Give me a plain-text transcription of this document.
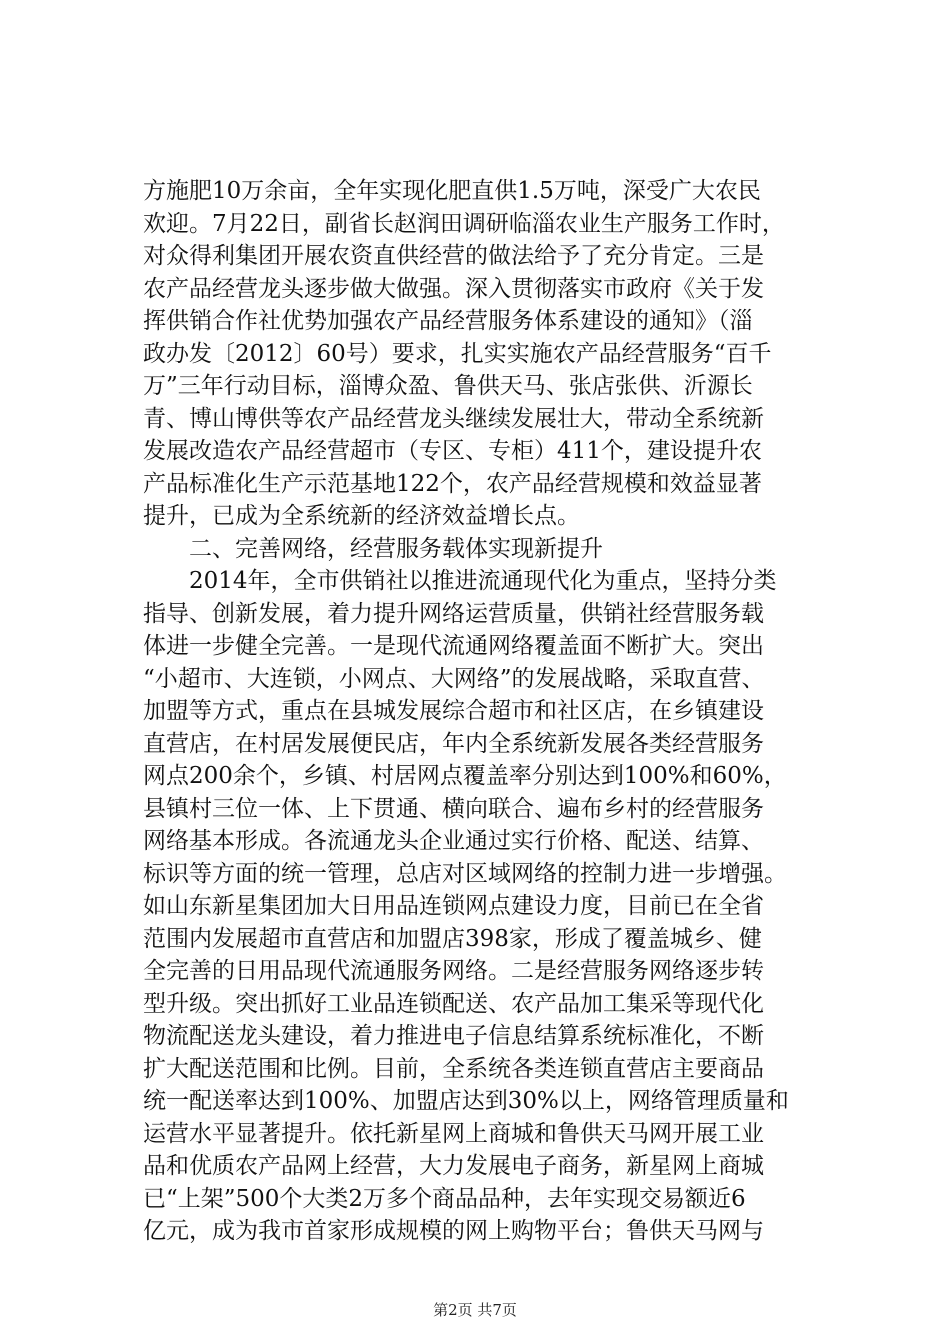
方施肥10万余亩，全年实现化肥直供1.5万吨，深受广大农民
欢迎。7月22日，副省长赵润田调研临淄农业生产服务工作时，
对众得利集团开展农资直供经营的做法给予了充分肯定。三是
农产品经营龙头逐步做大做强。深入贯彻落实市政府《关于发
挥供销合作社优势加强农产品经营服务体系建设的通知》（淄
政办发〔2012〕60号）要求，扎实实施农产品经营服务“百千
万”三年行动目标，淄博众盈、鲁供天马、张店张供、沂源长
青、博山博供等农产品经营龙头继续发展壮大，带动全系统新
发展改造农产品经营超市（专区、专柜）411个，建设提升农
产品标准化生产示范基地122个，农产品经营规模和效益显著
提升，已成为全系统新的经济效益增长点。
二、完善网络，经营服务载体实现新提升
2014年，全市供销社以推进流通现代化为重点，坚持分类
指导、创新发展，着力提升网络运营质量，供销社经营服务载
体进一步健全完善。一是现代流通网络覆盖面不断扩大。突出
“小超市、大连锁，小网点、大网络”的发展战略，采取直营、
加盟等方式，重点在县城发展综合超市和社区店，在乡镇建设
直营店，在村居发展便民店，年内全系统新发展各类经营服务
网点200余个，乡镇、村居网点覆盖率分别达到100%和60%，
县镇村三位一体、上下贯通、横向联合、遍布乡村的经营服务
网络基本形成。各流通龙头企业通过实行价格、配送、结算、
标识等方面的统一管理，总店对区域网络的控制力进一步增强。
如山东新星集团加大日用品连锁网点建设力度，目前已在全省
范围内发展超市直营店和加盟店398家，形成了覆盖城乡、健
全完善的日用品现代流通服务网络。二是经营服务网络逐步转
型升级。突出抓好工业品连锁配送、农产品加工集采等现代化
物流配送龙头建设，着力推进电子信息结算系统标准化，不断
扩大配送范围和比例。目前，全系统各类连锁直营店主要商品
统一配送率达到100%、加盟店达到30%以上，网络管理质量和
运营水平显著提升。依托新星网上商城和鲁供天马网开展工业
品和优质农产品网上经营，大力发展电子商务，新星网上商城
已“上架”500个大类2万多个商品品种，去年实现交易额近6
亿元，成为我市首家形成规模的网上购物平台；鲁供天马网与
第2页 共7页
